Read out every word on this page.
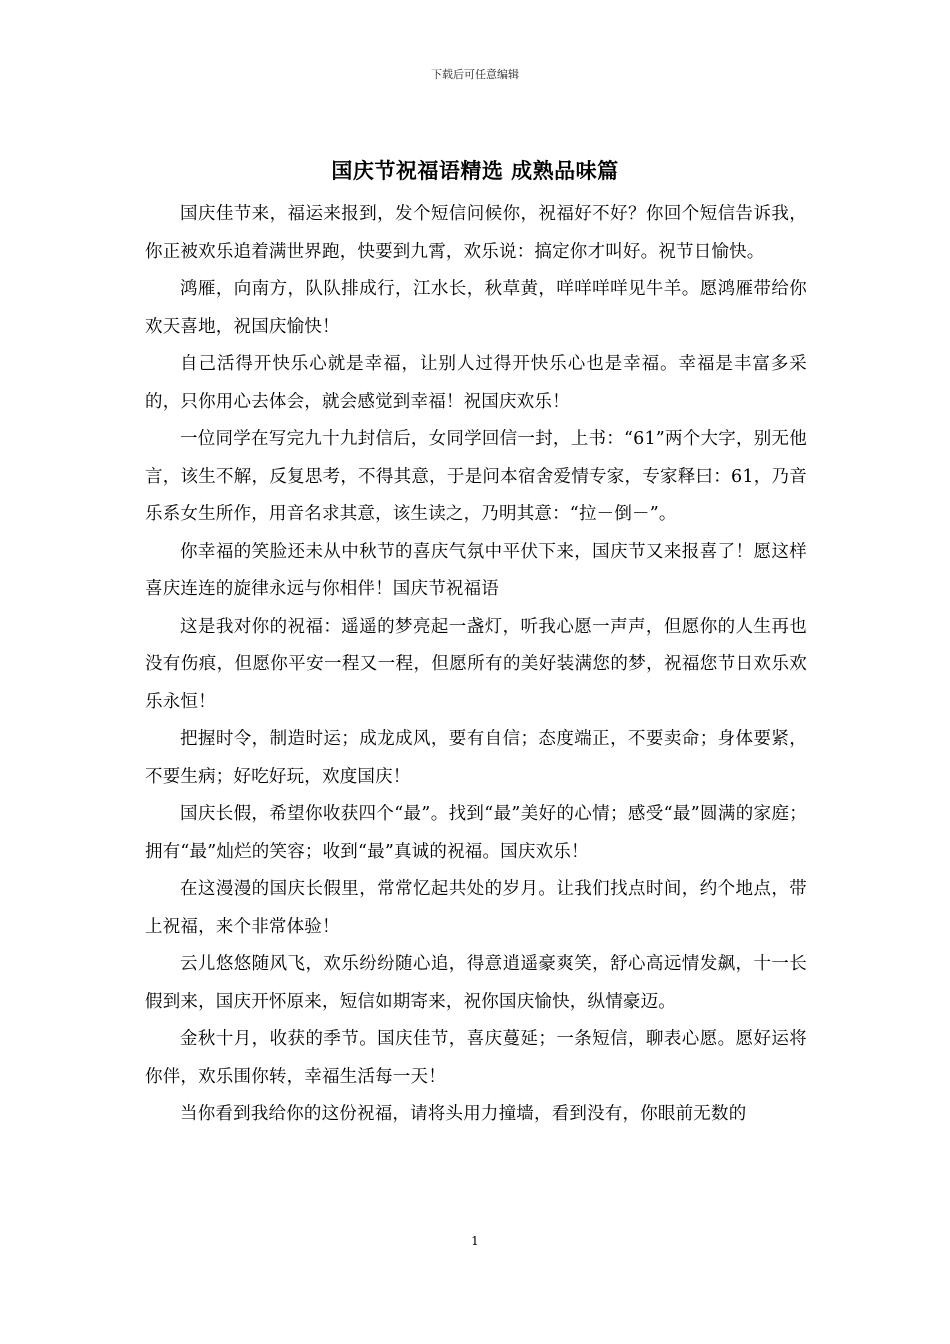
下载后可任意编辑
国庆节祝福语精选 成熟品味篇

国庆佳节来，福运来报到，发个短信问候你，祝福好不好？你回个短信告诉我，你正被欢乐追着满世界跑，快要到九霄，欢乐说：搞定你才叫好。祝节日愉快。

鸿雁，向南方，队队排成行，江水长，秋草黄，咩咩咩咩见牛羊。愿鸿雁带给你欢天喜地，祝国庆愉快！

自己活得开快乐心就是幸福，让别人过得开快乐心也是幸福。幸福是丰富多采的，只你用心去体会，就会感觉到幸福！祝国庆欢乐！

一位同学在写完九十九封信后，女同学回信一封，上书：“61”两个大字，别无他言，该生不解，反复思考，不得其意，于是问本宿舍爱情专家，专家释曰：61，乃音乐系女生所作，用音名求其意，该生读之，乃明其意：“拉－倒－”。

你幸福的笑脸还未从中秋节的喜庆气氛中平伏下来，国庆节又来报喜了！愿这样喜庆连连的旋律永远与你相伴！国庆节祝福语

这是我对你的祝福：遥遥的梦亮起一盏灯，听我心愿一声声，但愿你的人生再也没有伤痕，但愿你平安一程又一程，但愿所有的美好装满您的梦，祝福您节日欢乐欢乐永恒！

把握时令，制造时运；成龙成风，要有自信；态度端正，不要卖命；身体要紧，不要生病；好吃好玩，欢度国庆！

国庆长假，希望你收获四个“最”。找到“最”美好的心情；感受“最”圆满的家庭；拥有“最”灿烂的笑容；收到“最”真诚的祝福。国庆欢乐！

在这漫漫的国庆长假里，常常忆起共处的岁月。让我们找点时间，约个地点，带上祝福，来个非常体验！

云儿悠悠随风飞，欢乐纷纷随心追，得意逍遥豪爽笑，舒心高远情发飙，十一长假到来，国庆开怀原来，短信如期寄来，祝你国庆愉快，纵情豪迈。

金秋十月，收获的季节。国庆佳节，喜庆蔓延；一条短信，聊表心愿。愿好运将你伴，欢乐围你转，幸福生活每一天！

当你看到我给你的这份祝福，请将头用力撞墙，看到没有，你眼前无数的

1
